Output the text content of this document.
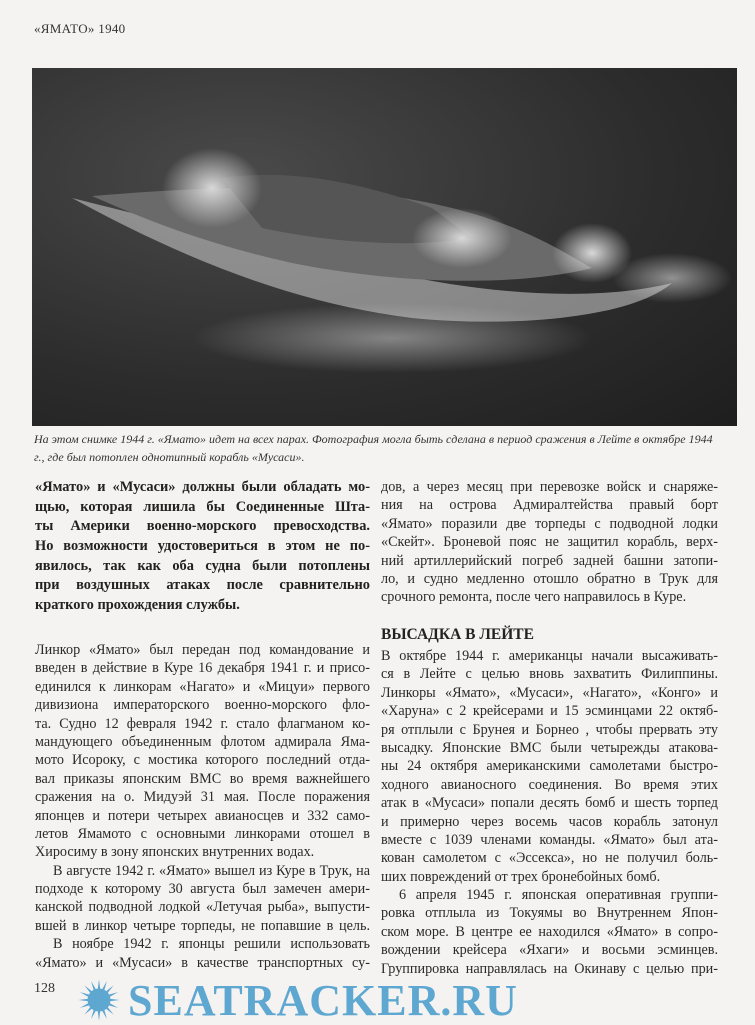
«ЯМАТО» 1940
На этом снимке 1944 г. «Ямато» идет на всех парах. Фотография могла быть сделана в период сражения в Лейте в октябре 1944 г., где был потоплен однотипный корабль «Мусаси».
«Ямато» и «Мусаси» должны были обладать мо-
щью, которая лишила бы Соединенные Шта-
ты Америки военно-морского превосходства.
Но возможности удостовериться в этом не по-
явилось, так как оба судна были потоплены
при воздушных атаках после сравнительно
краткого прохождения службы.
Линкор «Ямато» был передан под командование и
введен в действие в Куре 16 декабря 1941 г. и присо-
единился к линкорам «Нагато» и «Мицуи» первого
дивизиона императорского военно-морского фло-
та. Судно 12 февраля 1942 г. стало флагманом ко-
мандующего объединенным флотом адмирала Яма-
мото Исороку, с мостика которого последний отда-
вал приказы японским ВМС во время важнейшего
сражения на о. Мидуэй 31 мая. После поражения
японцев и потери четырех авианосцев и 332 само-
летов Ямамото с основными линкорами отошел в
Хиросиму в зону японских внутренних водах.
В августе 1942 г. «Ямато» вышел из Куре в Трук, на
подходе к которому 30 августа был замечен амери-
канской подводной лодкой «Летучая рыба», выпусти-
вшей в линкор четыре торпеды, не попавшие в цель.
В ноябре 1942 г. японцы решили использовать
«Ямато» и «Мусаси» в качестве транспортных су-
дов, а через месяц при перевозке войск и снаряже-
ния на острова Адмиралтейства правый борт
«Ямато» поразили две торпеды с подводной лодки
«Скейт». Броневой пояс не защитил корабль, верх-
ний артиллерийский погреб задней башни затопи-
ло, и судно медленно отошло обратно в Трук для
срочного ремонта, после чего направилось в Куре.
ВЫСАДКА В ЛЕЙТЕ
В октябре 1944 г. американцы начали высаживать-
ся в Лейте с целью вновь захватить Филиппины.
Линкоры «Ямато», «Мусаси», «Нагато», «Конго» и
«Харуна» с 2 крейсерами и 15 эсминцами 22 октяб-
ря отплыли с Брунея и Борнео , чтобы прервать эту
высадку. Японские ВМС были четырежды атакова-
ны 24 октября американскими самолетами быстро-
ходного авианосного соединения. Во время этих
атак в «Мусаси» попали десять бомб и шесть торпед
и примерно через восемь часов корабль затонул
вместе с 1039 членами команды. «Ямато» был ата-
кован самолетом с «Эссекса», но не получил боль-
ших повреждений от трех бронебойных бомб.
6 апреля 1945 г. японская оперативная группи-
ровка отплыла из Токуямы во Внутреннем Япон-
ском море. В центре ее находился «Ямато» в сопро-
вождении крейсера «Яхаги» и восьми эсминцев.
Группировка направлялась на Окинаву с целью при-
128 SEATRACKER.RU
